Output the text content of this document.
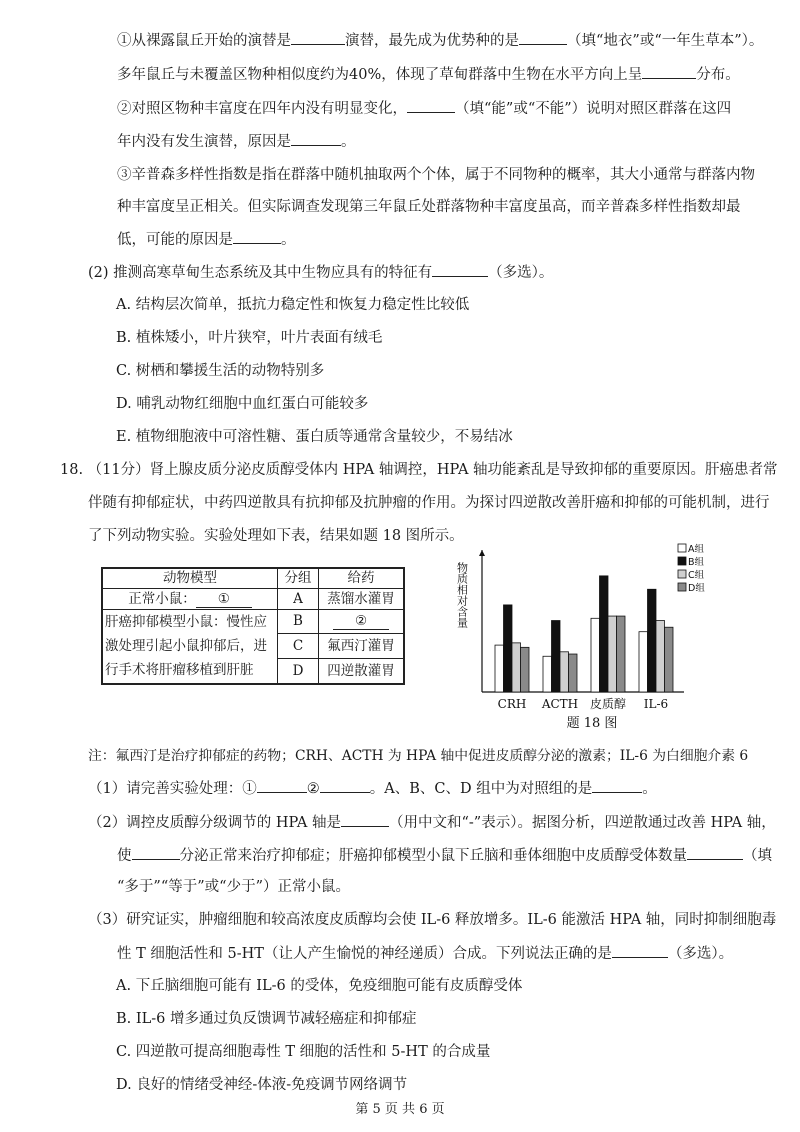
①从裸露鼠丘开始的演替是	演替，最先成为优势种的是	（填“地衣”或“一年生草本”）。
多年鼠丘与未覆盖区物种相似度约为40%，体现了草甸群落中生物在水平方向上呈	分布。
②对照区物种丰富度在四年内没有明显变化，	（填“能”或“不能”）说明对照区群落在这四
年内没有发生演替，原因是	。
③辛普森多样性指数是指在群落中随机抽取两个个体，属于不同物种的概率，其大小通常与群落内物
种丰富度呈正相关。但实际调查发现第三年鼠丘处群落物种丰富度虽高，而辛普森多样性指数却最
低，可能的原因是	。
(2) 推测高寒草甸生态系统及其中生物应具有的特征有	（多选）。
A. 结构层次简单，抵抗力稳定性和恢复力稳定性比较低
B. 植株矮小，叶片狭窄，叶片表面有绒毛
C. 树栖和攀援生活的动物特别多
D. 哺乳动物红细胞中血红蛋白可能较多
E. 植物细胞液中可溶性糖、蛋白质等通常含量较少，不易结冰
18. （11分）肾上腺皮质分泌皮质醇受体内 HPA 轴调控，HPA 轴功能紊乱是导致抑郁的重要原因。肝癌患者常
伴随有抑郁症状，中药四逆散具有抗抑郁及抗肿瘤的作用。为探讨四逆散改善肝癌和抑郁的可能机制，进行
了下列动物实验。实验处理如下表，结果如题 18 图所示。
动物模型	分组	给药
正常小鼠： ①	A	蒸馏水灌胃

肝癌抑郁模型小鼠：慢性应
激处理引起小鼠抑郁后，进
行手术将肝瘤移植到肝脏	B	②
	C	氟西汀灌胃
	D	四逆散灌胃
物质相对含量
CRH ACTH 皮质醇 IL-6
A组
B组
C组
D组
题 18 图
注：氟西汀是治疗抑郁症的药物；CRH、ACTH 为 HPA 轴中促进皮质醇分泌的激素；IL-6 为白细胞介素 6
（1）请完善实验处理：①	②	。A、B、C、D 组中为对照组的是	。
（2）调控皮质醇分级调节的 HPA 轴是	（用中文和“-”表示）。据图分析，四逆散通过改善 HPA 轴，
使	分泌正常来治疗抑郁症；肝癌抑郁模型小鼠下丘脑和垂体细胞中皮质醇受体数量	（填
“多于”“等于”或“少于”）正常小鼠。
（3）研究证实，肿瘤细胞和较高浓度皮质醇均会使 IL-6 释放增多。IL-6 能激活 HPA 轴，同时抑制细胞毒
性 T 细胞活性和 5-HT（让人产生愉悦的神经递质）合成。下列说法正确的是	（多选）。
A. 下丘脑细胞可能有 IL-6 的受体，免疫细胞可能有皮质醇受体
B. IL-6 增多通过负反馈调节减轻癌症和抑郁症
C. 四逆散可提高细胞毒性 T 细胞的活性和 5-HT 的合成量
D. 良好的情绪受神经-体液-免疫调节网络调节
第 5 页 共 6 页
